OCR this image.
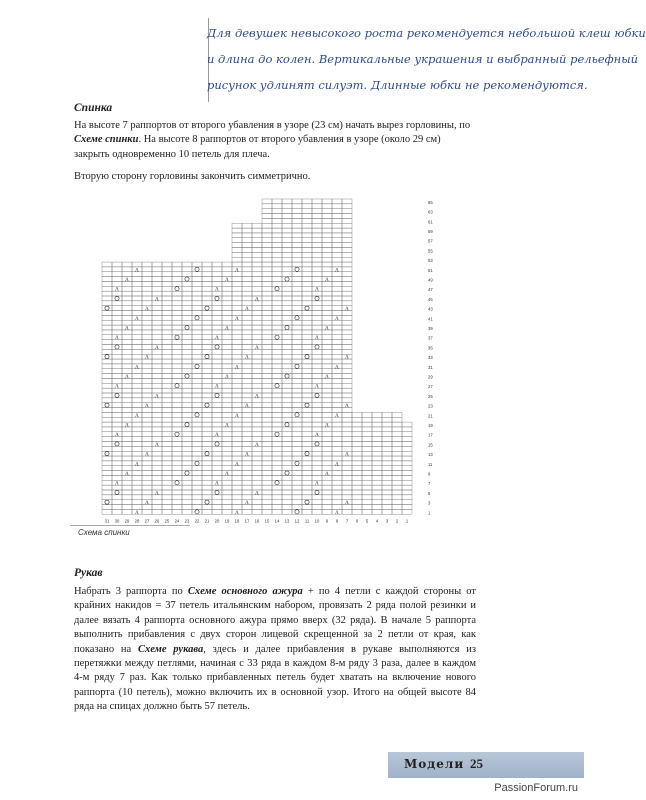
Для девушек невысокого роста рекомендуется небольшой клеш юбки
и длина до колен. Вертикальные украшения и выбранный рельефный
рисунок удлинят силуэт. Длинные юбки не рекомендуются.
Спинка

На высоте 7 раппортов от второго убавления в узоре (23 см) начать вырез горловины, по Схеме спинки. На высоте 8 раппортов от второго убавления в узоре (около 29 см) закрыть одновременно 10 петель для плеча.

Вторую сторону горловины закончить симметрично.
Λ	Λ	Λ
Λ	Λ	Λ
Λ	Λ	Λ
Λ	Λ
Λ	Λ	Λ
Λ	Λ	Λ
Λ	Λ	Λ
Λ	Λ	Λ
Λ	Λ
Λ	Λ	Λ
Λ	Λ	Λ
Λ	Λ	Λ
Λ	Λ	Λ
Λ	Λ
Λ	Λ	Λ
Λ	Λ	Λ
Λ	Λ	Λ
Λ	Λ	Λ
Λ	Λ
Λ	Λ	Λ
Λ	Λ	Λ
Λ	Λ	Λ
Λ	Λ	Λ
Λ	Λ
Λ	Λ	Λ
Λ	Λ	Λ
31 30 29 28 27 26 25 24 23 22 21 20 19 18 17 16 15 14 13 12 11 10 9 8 7 6 5 4 3 2 1
65
63
61
59
57
55
53
51
49
47
45
43
41
39
37
35
33
31
29
27
25
23
21
19
17
15
13
11
9
7
5
3
1
Схема спинки
Рукав
Набрать 3 раппорта по Схеме основного ажура + по 4 петли с каждой стороны от крайних накидов = 37 петель итальянским набором, провязать 2 ряда полой резинки и далее вязать 4 раппорта основного ажура прямо вверх (32 ряда). В начале 5 раппорта выполнить прибавления с двух сторон лицевой скрещенной за 2 петли от края, как показано на Схеме рукава, здесь и далее прибавления в рукаве выполняются из перетяжки между петлями, начиная с 33 ряда в каждом 8-м ряду 3 раза, далее в каждом 4-м ряду 7 раз. Как только прибавленных петель будет хватать на включение нового раппорта (10 петель), можно включить их в основной узор. Итого на общей высоте 84 ряда на спицах должно быть 57 петель.
Модели 25
PassionForum.ru
